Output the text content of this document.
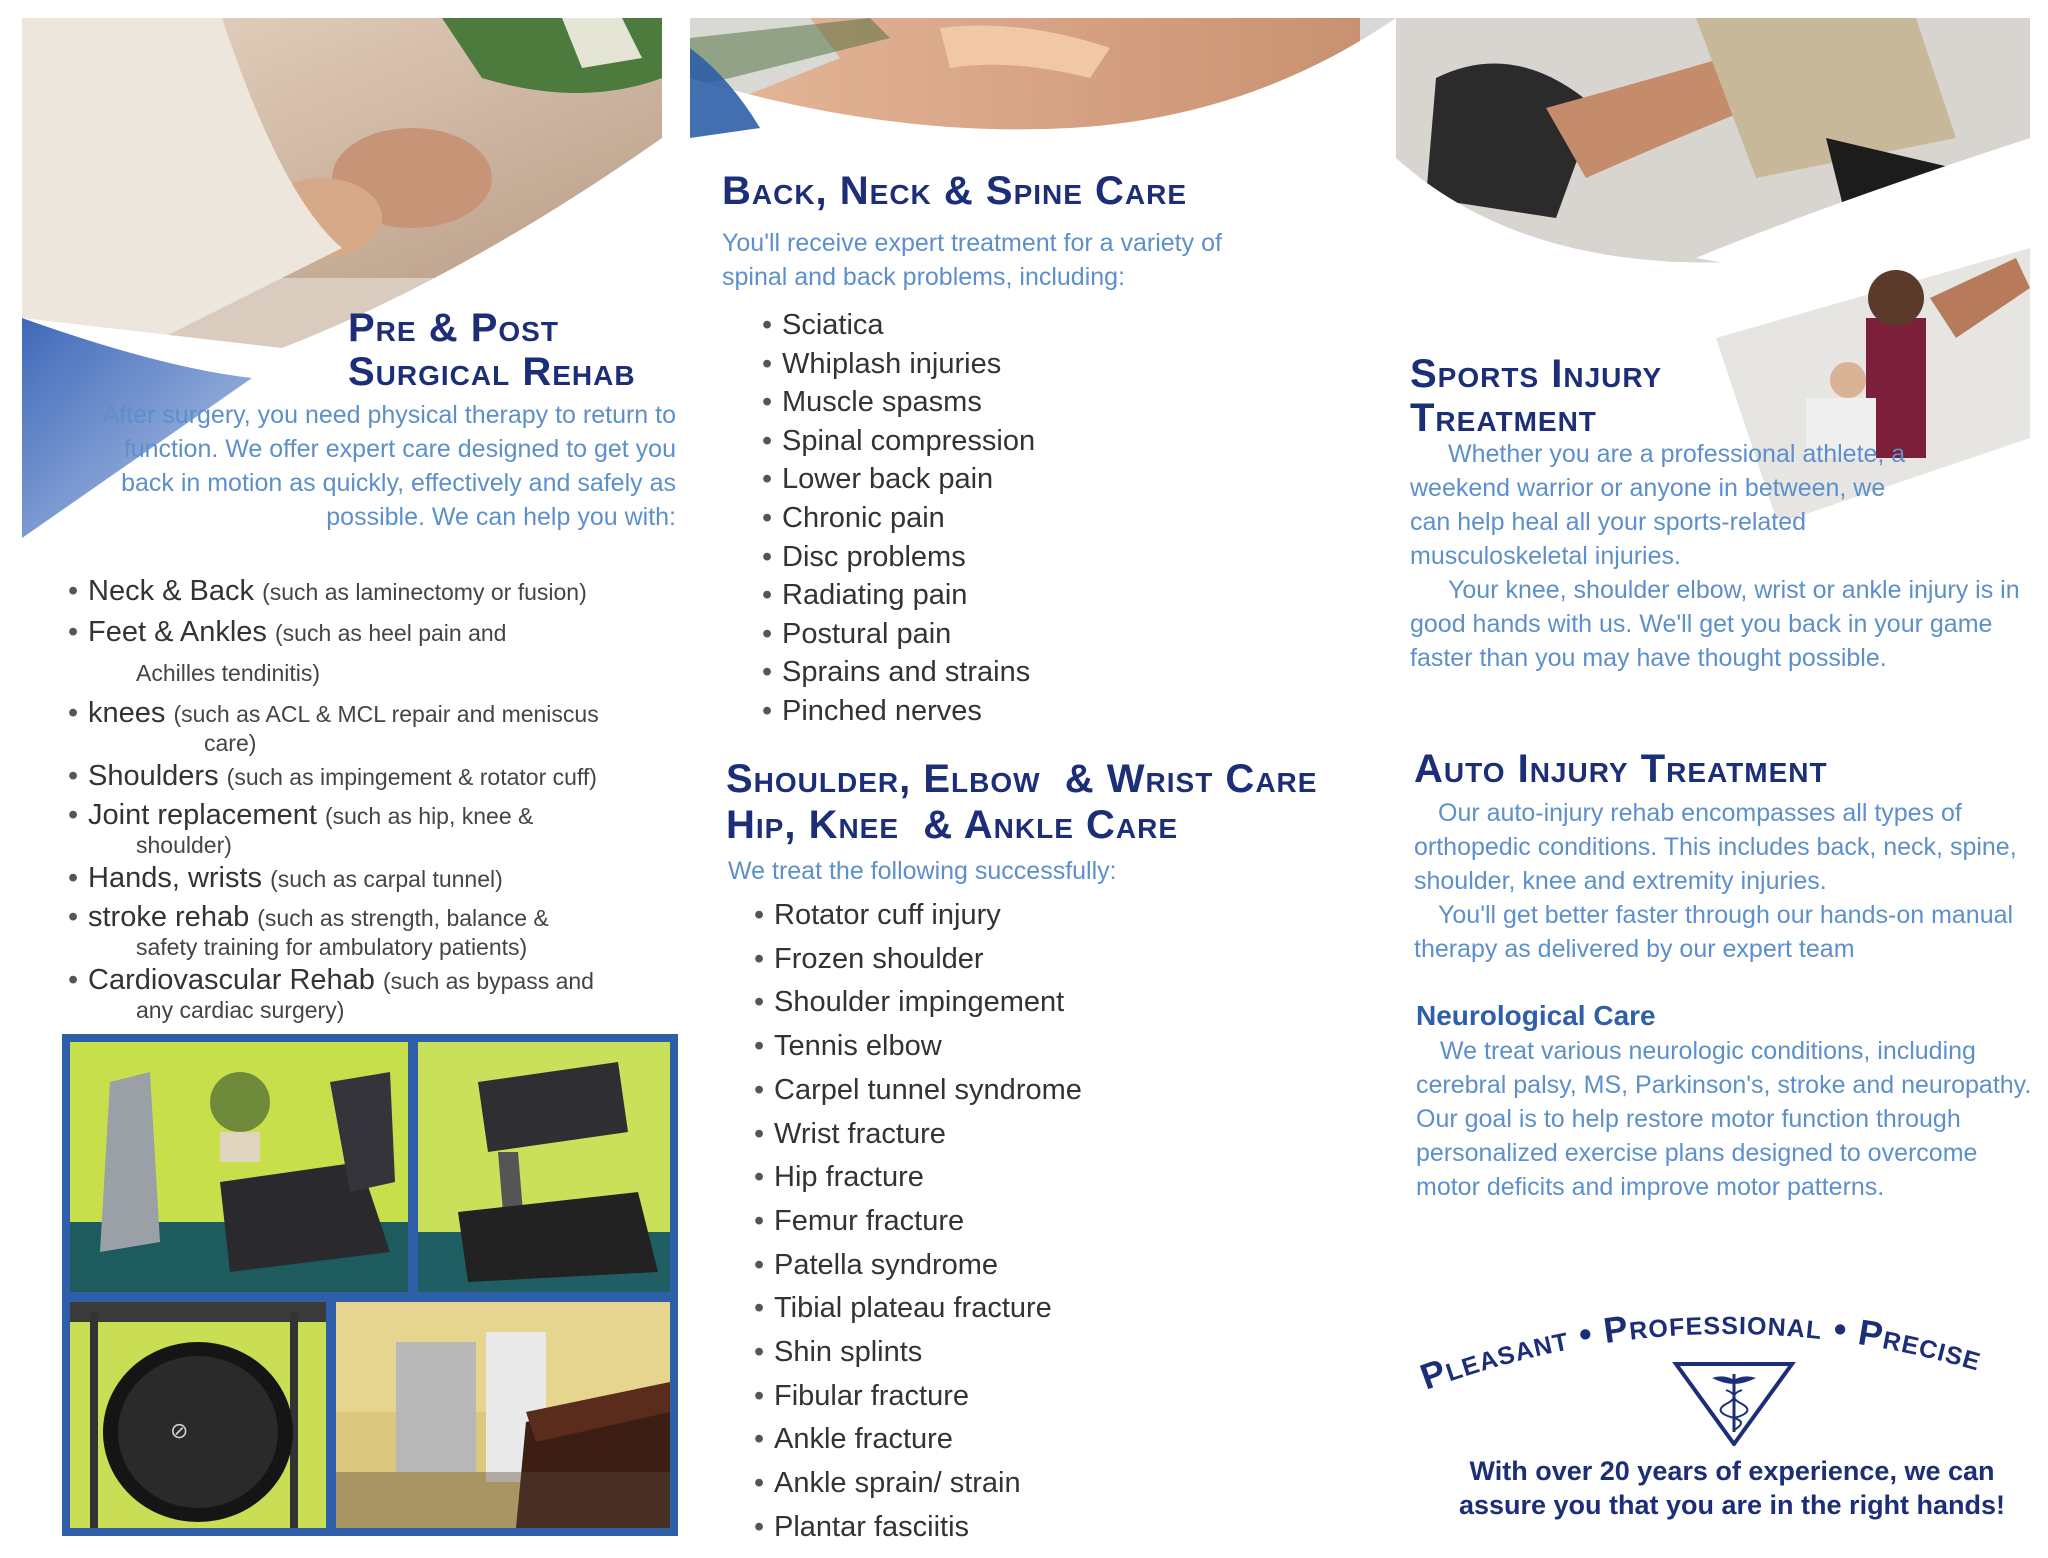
Pre & Post
Surgical Rehab
After surgery, you need physical therapy to return to function. We offer expert care designed to get you back in motion as quickly, effectively and safely as possible. We can help you with:
• Neck & Back (such as laminectomy or fusion)
• Feet & Ankles (such as heel pain and
Achilles tendinitis)
• knees (such as ACL & MCL repair and meniscus
care)
• Shoulders (such as impingement & rotator cuff)
• Joint replacement (such as hip, knee &
shoulder)
• Hands, wrists (such as carpal tunnel)
• stroke rehab (such as strength, balance &
safety training for ambulatory patients)
• Cardiovascular Rehab (such as bypass and
any cardiac surgery)
⊘
Back, Neck & Spine Care
You'll receive expert treatment for a variety of spinal and back problems, including:
• Sciatica
• Whiplash injuries
• Muscle spasms
• Spinal compression
• Lower back pain
• Chronic pain
• Disc problems
• Radiating pain
• Postural pain
• Sprains and strains
• Pinched nerves
Shoulder, Elbow  & Wrist Care
Hip, Knee  & Ankle Care
We treat the following successfully:
• Rotator cuff injury
• Frozen shoulder
• Shoulder impingement
• Tennis elbow
• Carpel tunnel syndrome
• Wrist fracture
• Hip fracture
• Femur fracture
• Patella syndrome
• Tibial plateau fracture
• Shin splints
• Fibular fracture
• Ankle fracture
• Ankle sprain/ strain
• Plantar fasciitis
Sports Injury
Treatment
Whether you are a professional athlete, a weekend warrior or anyone in between, we can help heal all your sports-related musculoskeletal injuries.
Your knee, shoulder elbow, wrist or ankle injury is in good hands with us. We'll get you back in your game faster than you may have thought possible.
Auto Injury Treatment
Our auto-injury rehab encompasses all types of orthopedic conditions. This includes back, neck, spine, shoulder, knee and extremity injuries.
You'll get better faster through our hands-on manual therapy as delivered by our expert team
Neurological Care
We treat various neurologic conditions, including cerebral palsy, MS, Parkinson's, stroke and neuropathy. Our goal is to help restore motor function through personalized exercise plans designed to overcome motor deficits and improve motor patterns.
Pleasant • Professional • Precise
With over 20 years of experience, we can
assure you that you are in the right hands!
